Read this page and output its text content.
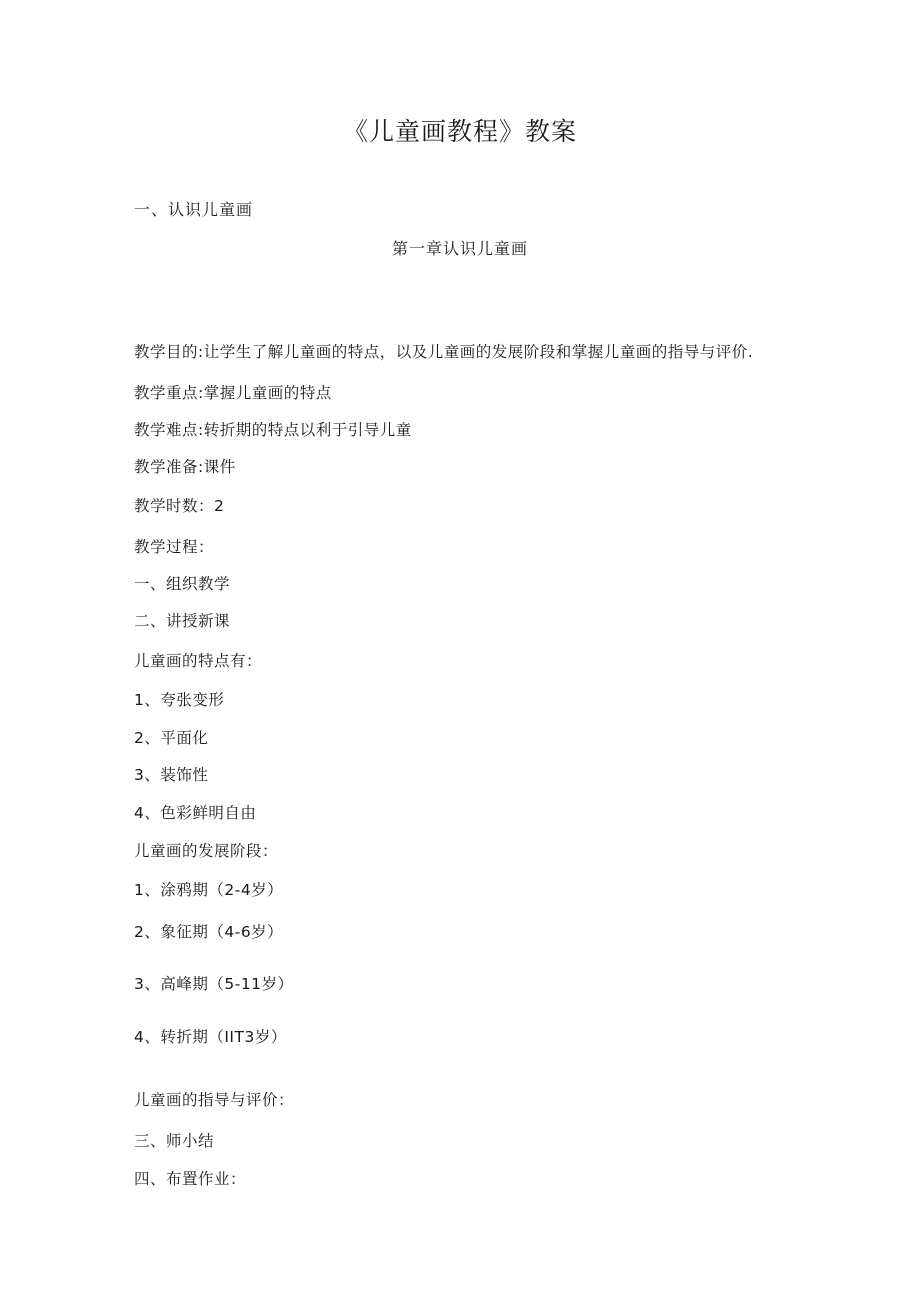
《儿童画教程》教案
一、认识儿童画
第一章认识儿童画
教学目的:让学生了解儿童画的特点，以及儿童画的发展阶段和掌握儿童画的指导与评价.
教学重点:掌握儿童画的特点
教学难点:转折期的特点以利于引导儿童
教学准备:课件
教学时数：2
教学过程：
一、组织教学
二、讲授新课
儿童画的特点有：
1、夸张变形
2、平面化
3、装饰性
4、色彩鲜明自由
儿童画的发展阶段：
1、涂鸦期（2-4岁）
2、象征期（4-6岁）
3、高峰期（5-11岁）
4、转折期（IIT3岁）
儿童画的指导与评价：
三、师小结
四、布置作业：
